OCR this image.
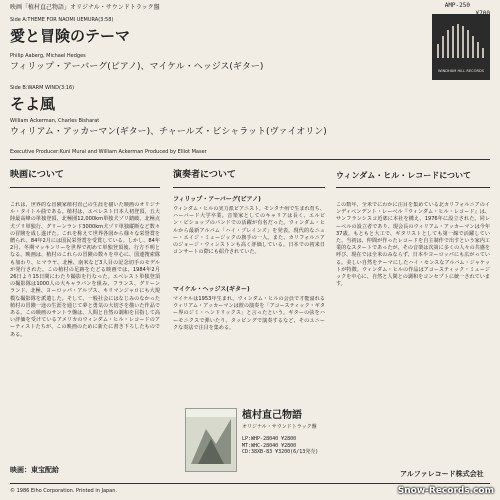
映画「植村直己物語」オリジナル・サウンドトラック盤	AMP-250
Side A:THEME FOR NAOMI UEMURA(3:58)
愛と冒険のテーマ
Philip Aaberg, Michael Hedges
フィリップ・アーバーグ(ピアノ)、マイケル・ヘッジス(ギター)
Side B:WARM WIND(3:16)
そよ風
William Ackerman, Charles Bisharat
ウィリアム・アッカーマン(ギター)、チャールズ・ビシャラット(ヴァイオリン)
Executive Producer:Kuni Murai and William Ackerman Produced by Elliot Maser
WINDHAM HILL RECORDS
映画について
これは、世界的な冒険家植村直己の生涯を描いた映画のオリジナル・タイトル曲である。植村は、エベレスト日本人初登頂、五大陸最高峰の単独登頂、北極圏12,000km単独犬ゾリ踏破、北極点犬ゾリ単独行、グリーンランド3000km犬ゾリ単独縦断など数々の冒険を成し遂げた。これを称えて世界各国から様々な栄誉賞を贈られ、84年2月には国民栄誉賞を受賞している。しかし、84年2月、冬期マッキンリーを世界で初めて単独登頂後、行方不明となる。映画は、植村のこれらの冒険の数々を中心に、国連捜索隊も加わり、ヒマラヤ、北極、南米など3人目の記念切手のモデルが発行された。この植村の足跡をたどる映画では、1984年2月26日より15日間にわたり撮影を行なった。エベレスト単独登頂の撮影隊は1000人の大キャラバンを組み、フランス、グリーンランド、北極、ヨーロッパ・アルプス、キリマンジャロにも大規模な撮影隊を派遣した。そして、一般社会にはなじみのなかった植村の冒険一途の生涯を通じて夢と勇気の大切さを描いた作品である。この映画のサントラ盤は、人間と自然の調和を目指して高い評価を受けているアメリカのウィンダム・ヒル・レコードのアーティストたちが、この映画のために新たに書き下ろしたものである。
映画：東宝配給
演奏者について
フィリップ・アーバーグ(ピアノ)
ウィンダム・ヒルの実力派ピアニスト。モンタナ州で生まれ育ち、ハーバード大学卒業。音楽家としてのキャリアは長く、エルビン・ビショップのバンドでの活躍が有名だった。ウィンダム・ヒルから最新アルバム「ハイ・プレインズ」を発表。現代的なニュー・エイジ・ミュージックの旗手の一人。また、カリフォルニアのジョージ・ウィンストンも高く評価している。日本での初来日コンサートの際にも紹介されていた。
マイケル・ヘッジス(ギター)
マイケルは1953年生まれ。ウィンダム・ヒルの会員で才能溢れるウィリアム・アッカーマンは彼の演奏を「アコースティック・ギター界のジミ・ヘンドリックス」と言ったという。ギターの弦をハーモニクスで弾いたり、タッピングで演奏するなど、そのユニークな奏法で注目を集める。
植村直己物語
オリジナル・サウンドトラック盤
LP:WHP-28040 ¥2800
MT:WHC-28040 ¥2800
CD:38XB-83 ¥3200(6/13発売)
ウィンダム・ヒル・レコードについて
この数年、全米でにわかに注目を集めている北カリフォルニアのインディペンデント・レーベル『ウィンダム・ヒル・レコード』は、サンフランシスコ近郊に本社を構え、1976年に設立された。同レーベルの設立者であり、現会長のウィリアム・アッカーマンは今年37歳。もともと大工で、ギタリストとしても第一線で活躍していた。当初は、仲間が作ったレコードを自主制作で出すという家内工業的なスタートであったが、その音楽は次第に多くの人々の共感を呼び、現在では全米のみならず、日本やヨーロッパにも広がっている。美しい自然をテーマにしたハイ・センスなアルバム・ジャケットが特徴。ウィンダム・ヒルの作品はアコースティック・ミュージックを中心に、自然と人間との調和をコンセプトに統一されています。
アルファレコード株式会社
© 1986 Eiho Corporation. Printed in Japan.	Snow-Records.com
